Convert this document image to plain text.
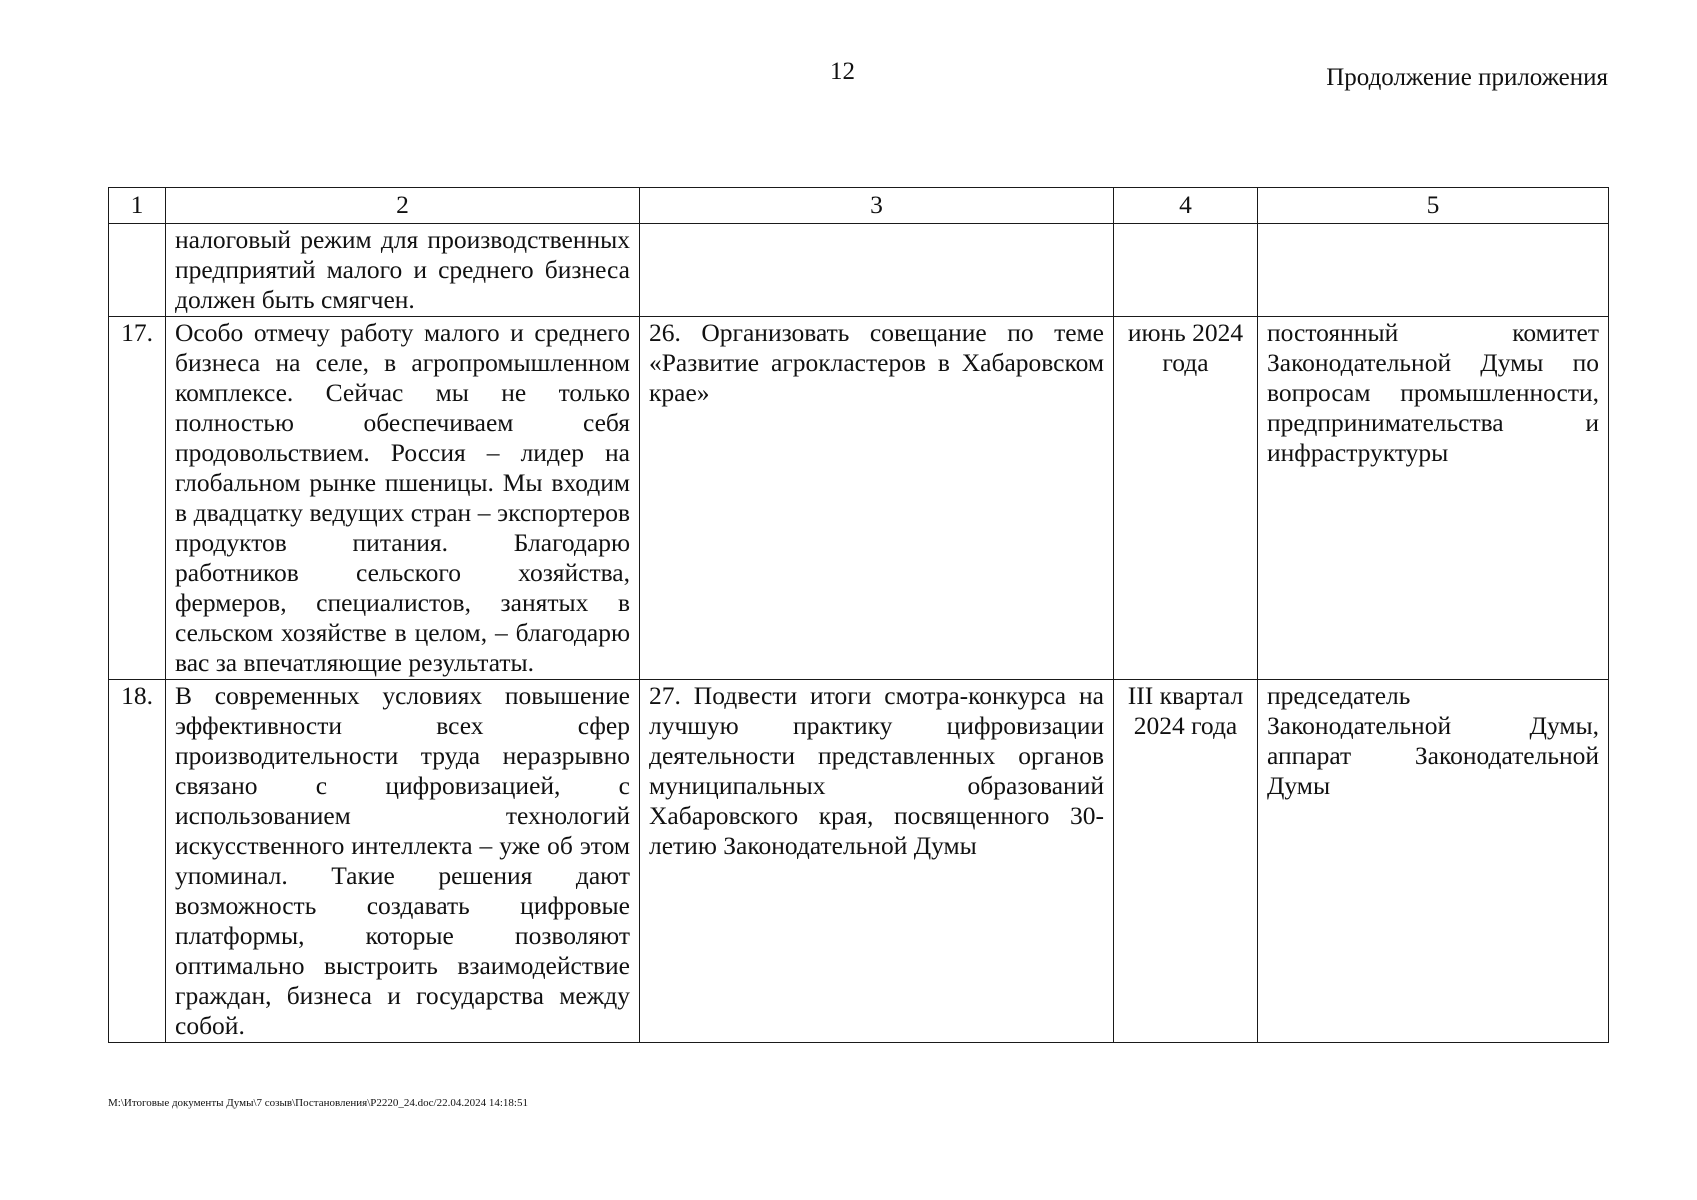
12	Продолжение приложения
1	2	3	4	5
	налоговый режим для производственных предприятий малого и среднего бизнеса должен быть смягчен.			
17.	Особо отмечу работу малого и среднего бизнеса на селе, в агропромышленном комплексе. Сейчас мы не только полностью обеспечиваем себя продовольствием. Россия – лидер на глобальном рынке пшеницы. Мы входим в двадцатку ведущих стран – экспортеров продуктов питания. Благодарю работников сельского хозяйства, фермеров, специалистов, занятых в сельском хозяйстве в целом, – благодарю вас за впечатляющие результаты.	26. Организовать совещание по теме «Развитие агрокластеров в Хабаровском крае»	июнь 2024 года	постоянный комитет Законодательной Думы по вопросам промышленности, предпринимательства и инфраструктуры
18.	В современных условиях повышение эффективности всех сфер производительности труда неразрывно связано с цифровизацией, с использованием технологий искусственного интеллекта – уже об этом упоминал. Такие решения дают возможность создавать цифровые платформы, которые позволяют оптимально выстроить взаимодействие граждан, бизнеса и государства между собой.	27. Подвести итоги смотра-конкурса на лучшую практику цифровизации деятельности представленных органов муниципальных образований Хабаровского края, посвященного 30-летию Законодательной Думы	III квартал 2024 года	председатель Законодательной Думы, аппарат Законодательной Думы
M:\Итоговые документы Думы\7 созыв\Постановления\P2220_24.doc/22.04.2024 14:18:51
